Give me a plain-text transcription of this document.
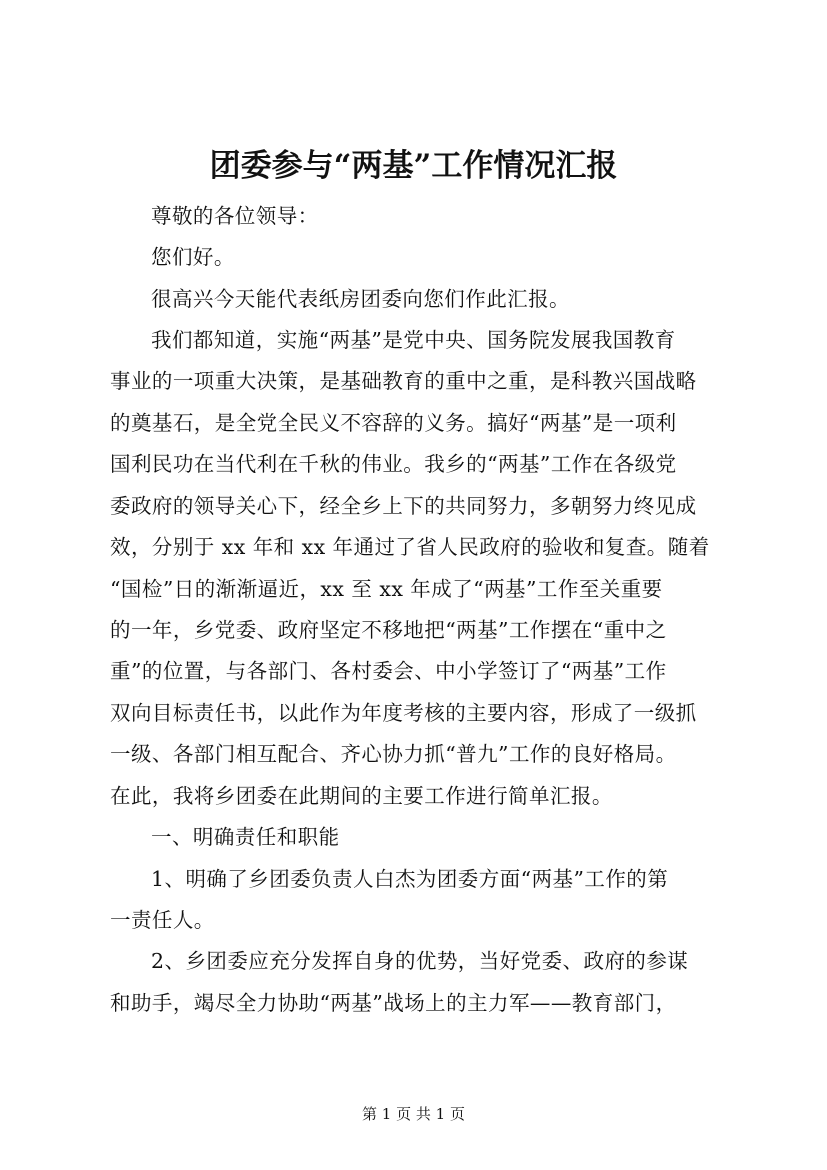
团委参与“两基”工作情况汇报
尊敬的各位领导：
您们好。
很高兴今天能代表纸房团委向您们作此汇报。
我们都知道，实施“两基”是党中央、国务院发展我国教育
事业的一项重大决策，是基础教育的重中之重，是科教兴国战略
的奠基石，是全党全民义不容辞的义务。搞好“两基”是一项利
国利民功在当代利在千秋的伟业。我乡的“两基”工作在各级党
委政府的领导关心下，经全乡上下的共同努力，多朝努力终见成
效，分别于 xx 年和 xx 年通过了省人民政府的验收和复查。随着
“国检”日的渐渐逼近，xx 至 xx 年成了“两基”工作至关重要
的一年，乡党委、政府坚定不移地把“两基”工作摆在“重中之
重”的位置，与各部门、各村委会、中小学签订了“两基”工作
双向目标责任书，以此作为年度考核的主要内容，形成了一级抓
一级、各部门相互配合、齐心协力抓“普九”工作的良好格局。
在此，我将乡团委在此期间的主要工作进行简单汇报。
一、明确责任和职能
1、明确了乡团委负责人白杰为团委方面“两基”工作的第
一责任人。
2、乡团委应充分发挥自身的优势，当好党委、政府的参谋
和助手，竭尽全力协助“两基”战场上的主力军——教育部门，
第 1 页 共 1 页
